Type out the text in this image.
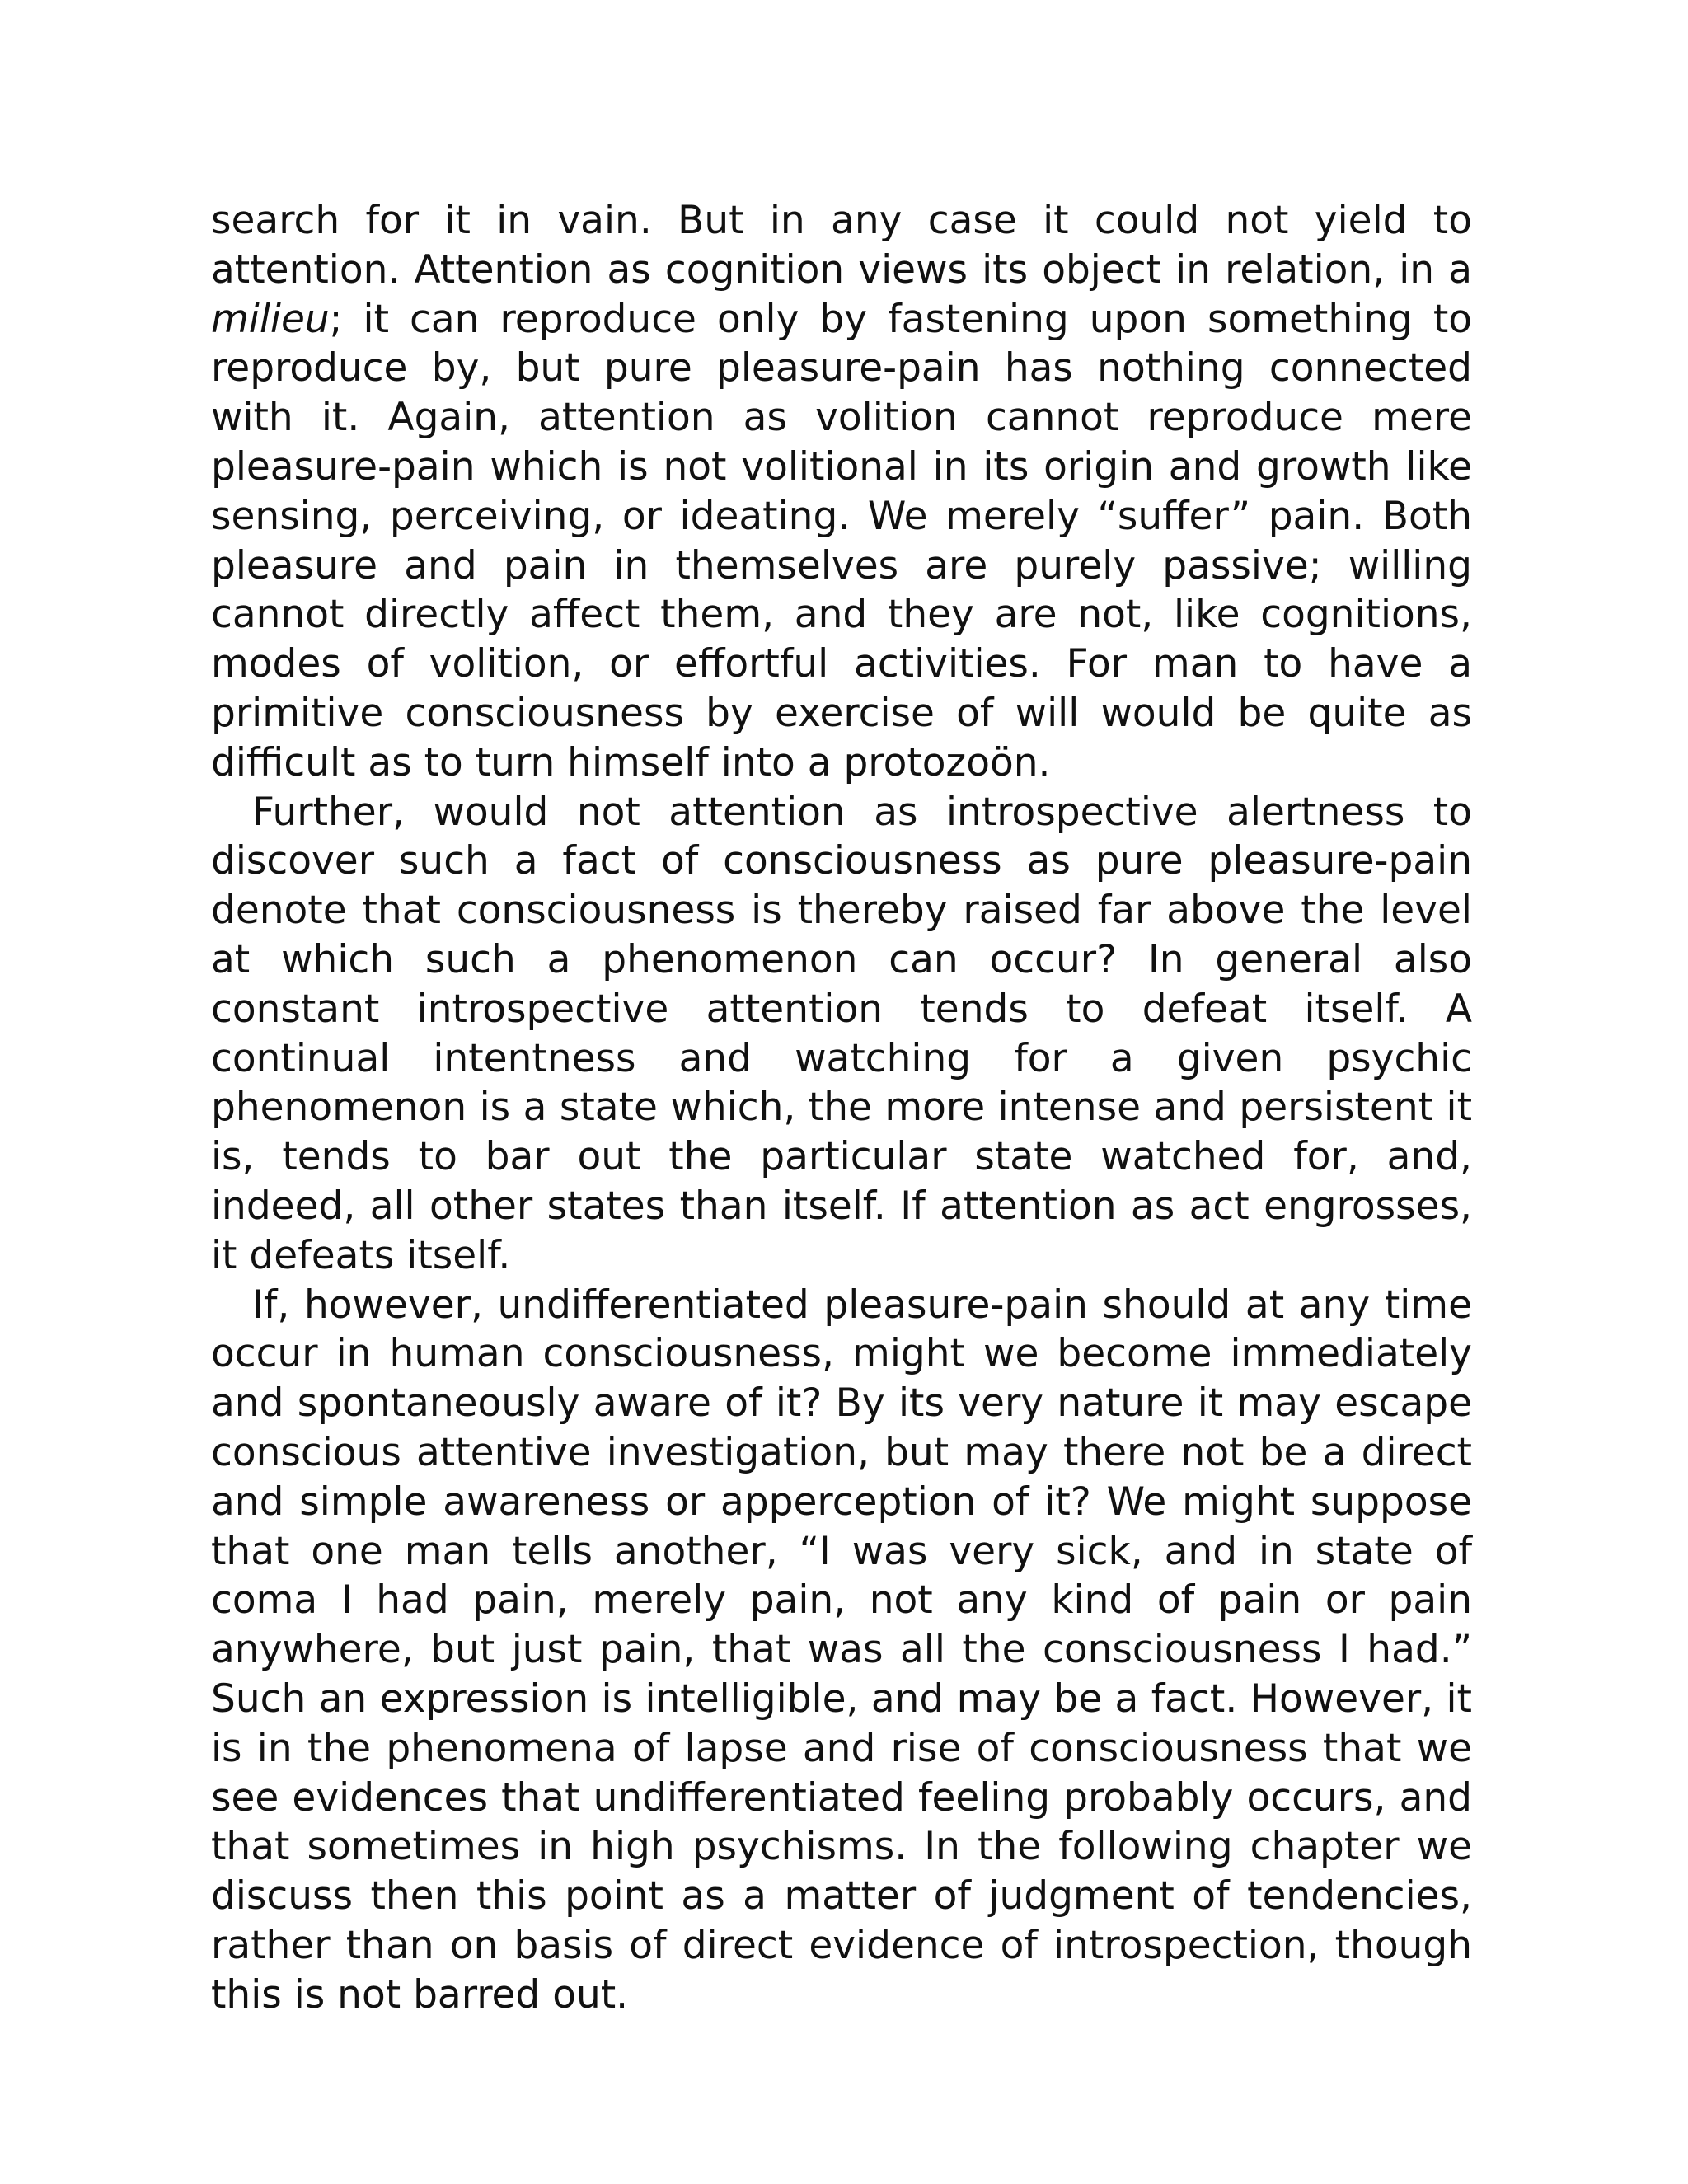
search for it in vain. But in any case it could not yield to attention. Attention as cognition views its object in relation, in a milieu; it can reproduce only by fastening upon something to reproduce by, but pure pleasure-pain has nothing connected with it. Again, attention as volition cannot reproduce mere pleasure-pain which is not volitional in its origin and growth like sensing, perceiving, or ideating. We merely “suffer” pain. Both pleasure and pain in themselves are purely passive; willing cannot directly affect them, and they are not, like cognitions, modes of volition, or effortful activities. For man to have a primitive consciousness by exercise of will would be quite as difficult as to turn himself into a protozoön.

Further, would not attention as introspective alertness to discover such a fact of consciousness as pure pleasure-pain denote that consciousness is thereby raised far above the level at which such a phenomenon can occur? In general also constant introspective attention tends to defeat itself. A continual intentness and watching for a given psychic phenomenon is a state which, the more intense and persistent it is, tends to bar out the particular state watched for, and, indeed, all other states than itself. If attention as act engrosses, it defeats itself.

If, however, undifferentiated pleasure-pain should at any time occur in human consciousness, might we become immediately and spontaneously aware of it? By its very nature it may escape conscious attentive investigation, but may there not be a direct and simple awareness or apperception of it? We might suppose that one man tells another, “I was very sick, and in state of coma I had pain, merely pain, not any kind of pain or pain anywhere, but just pain, that was all the consciousness I had.” Such an expression is intelligible, and may be a fact. However, it is in the phenomena of lapse and rise of consciousness that we see evidences that undifferentiated feeling probably occurs, and that sometimes in high psychisms. In the following chapter we discuss then this point as a matter of judgment of tendencies, rather than on basis of direct evidence of introspection, though this is not barred out.
